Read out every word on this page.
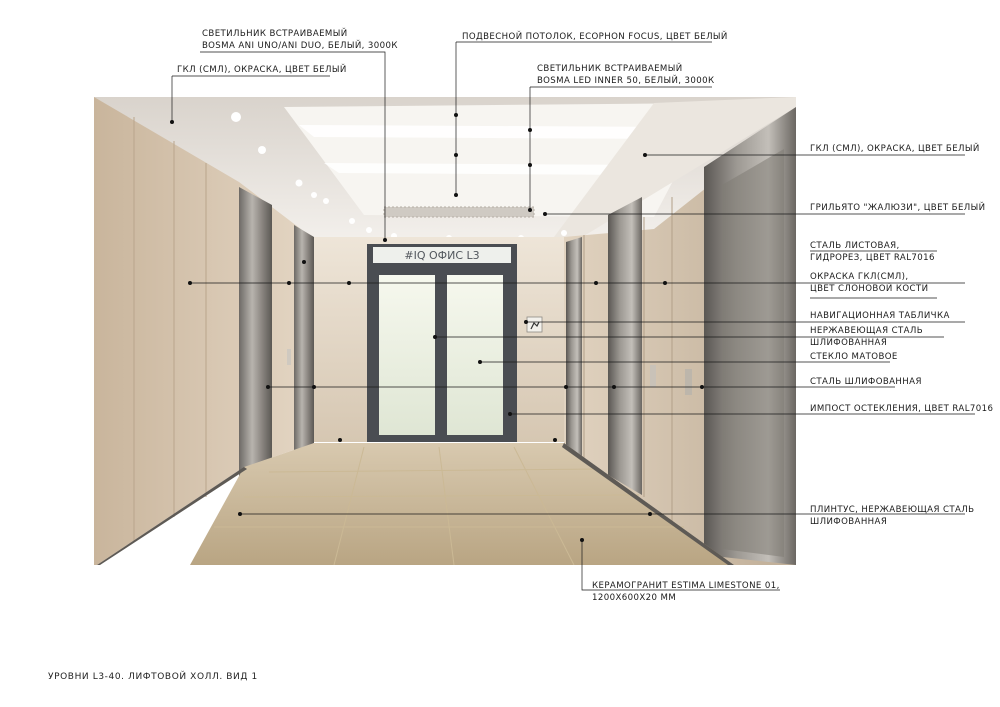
#IQ ОФИС L3
СВЕТИЛЬНИК ВСТРАИВАЕМЫЙ
BOSMA ANI UNO/ANI DUO, БЕЛЫЙ, 3000К
ПОДВЕСНОЙ ПОТОЛОК, ECOPHON FOCUS, ЦВЕТ БЕЛЫЙ
ГКЛ (СМЛ), ОКРАСКА, ЦВЕТ БЕЛЫЙ	СВЕТИЛЬНИК ВСТРАИВАЕМЫЙ
BOSMA LED INNER 50, БЕЛЫЙ, 3000К
ГКЛ (СМЛ), ОКРАСКА, ЦВЕТ БЕЛЫЙ
ГРИЛЬЯТО "ЖАЛЮЗИ", ЦВЕТ БЕЛЫЙ
СТАЛЬ ЛИСТОВАЯ,
ГИДРОРЕЗ, ЦВЕТ RAL7016
ОКРАСКА ГКЛ(СМЛ),
ЦВЕТ СЛОНОВОЙ КОСТИ
НАВИГАЦИОННАЯ ТАБЛИЧКА
НЕРЖАВЕЮЩАЯ СТАЛЬ
ШЛИФОВАННАЯ
СТЕКЛО МАТОВОЕ
СТАЛЬ ШЛИФОВАННАЯ
ИМПОСТ ОСТЕКЛЕНИЯ, ЦВЕТ RAL7016
ПЛИНТУС, НЕРЖАВЕЮЩАЯ СТАЛЬ
ШЛИФОВАННАЯ
КЕРАМОГРАНИТ ESTIMA LIMESTONE 01,
1200Х600Х20 ММ
УРОВНИ L3-40. ЛИФТОВОЙ ХОЛЛ. ВИД 1
